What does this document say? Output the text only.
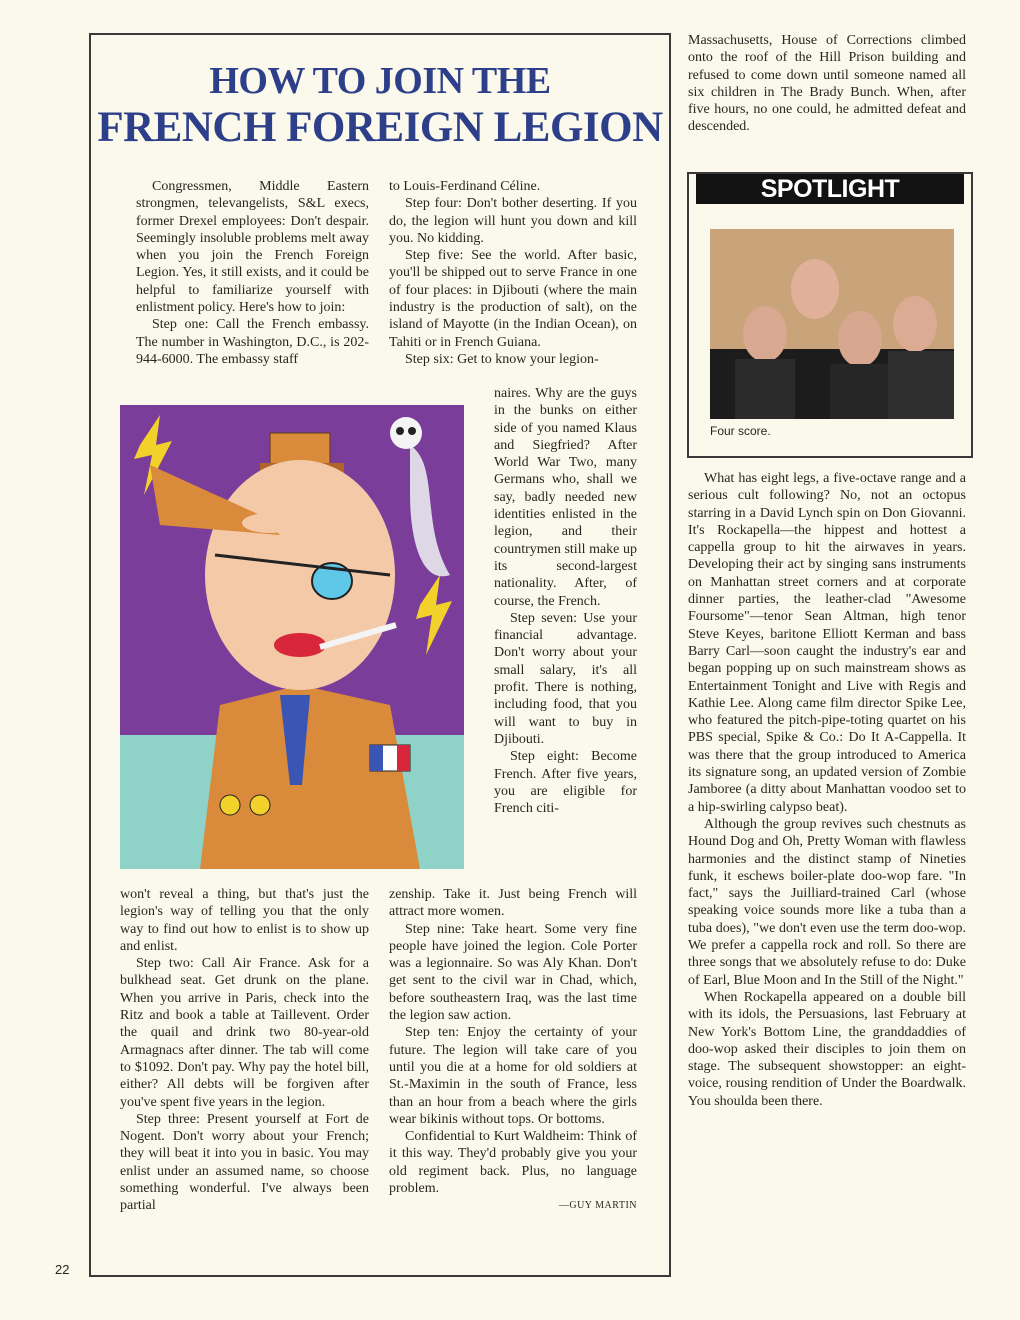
HOW TO JOIN THE
FRENCH FOREIGN LEGION

Congressmen, Middle Eastern strongmen, televangelists, S&L execs, former Drexel employees: Don't despair. Seemingly insoluble problems melt away when you join the French Foreign Legion. Yes, it still exists, and it could be helpful to familiarize yourself with enlistment policy. Here's how to join:

Step one: Call the French embassy. The number in Washington, D.C., is 202-944-6000. The embassy staff

to Louis-Ferdinand Céline.

Step four: Don't bother deserting. If you do, the legion will hunt you down and kill you. No kidding.

Step five: See the world. After basic, you'll be shipped out to serve France in one of four places: in Djibouti (where the main industry is the production of salt), on the island of Mayotte (in the Indian Ocean), on Tahiti or in French Guiana.

Step six: Get to know your legion-

naires. Why are the guys in the bunks on either side of you named Klaus and Siegfried? After World War Two, many Germans who, shall we say, badly needed new identities enlisted in the legion, and their countrymen still make up its second-largest nationality. After, of course, the French.

Step seven: Use your financial advantage. Don't worry about your small salary, it's all profit. There is nothing, including food, that you will want to buy in Djibouti.

Step eight: Become French. After five years, you are eligible for French citi-

won't reveal a thing, but that's just the legion's way of telling you that the only way to find out how to enlist is to show up and enlist.

Step two: Call Air France. Ask for a bulkhead seat. Get drunk on the plane. When you arrive in Paris, check into the Ritz and book a table at Taillevent. Order the quail and drink two 80-year-old Armagnacs after dinner. The tab will come to $1092. Don't pay. Why pay the hotel bill, either? All debts will be forgiven after you've spent five years in the legion.

Step three: Present yourself at Fort de Nogent. Don't worry about your French; they will beat it into you in basic. You may enlist under an assumed name, so choose something wonderful. I've always been partial

zenship. Take it. Just being French will attract more women.

Step nine: Take heart. Some very fine people have joined the legion. Cole Porter was a legionnaire. So was Aly Khan. Don't get sent to the civil war in Chad, which, before southeastern Iraq, was the last time the legion saw action.

Step ten: Enjoy the certainty of your future. The legion will take care of you until you die at a home for old soldiers at St.-Maximin in the south of France, less than an hour from a beach where the girls wear bikinis without tops. Or bottoms.

Confidential to Kurt Waldheim: Think of it this way. They'd probably give you your old regiment back. Plus, no language problem.

—GUY MARTIN

Massachusetts, House of Corrections climbed onto the roof of the Hill Prison building and refused to come down until someone named all six children in The Brady Bunch. When, after five hours, no one could, he admitted defeat and descended.

SPOTLIGHT
Four score.

What has eight legs, a five-octave range and a serious cult following? No, not an octopus starring in a David Lynch spin on Don Giovanni. It's Rockapella—the hippest and hottest a cappella group to hit the airwaves in years. Developing their act by singing sans instruments on Manhattan street corners and at corporate dinner parties, the leather-clad "Awesome Foursome"—tenor Sean Altman, high tenor Steve Keyes, baritone Elliott Kerman and bass Barry Carl—soon caught the industry's ear and began popping up on such mainstream shows as Entertainment Tonight and Live with Regis and Kathie Lee. Along came film director Spike Lee, who featured the pitch-pipe-toting quartet on his PBS special, Spike & Co.: Do It A-Cappella. It was there that the group introduced to America its signature song, an updated version of Zombie Jamboree (a ditty about Manhattan voodoo set to a hip-swirling calypso beat).

Although the group revives such chestnuts as Hound Dog and Oh, Pretty Woman with flawless harmonies and the distinct stamp of Nineties funk, it eschews boiler-plate doo-wop fare. "In fact," says the Juilliard-trained Carl (whose speaking voice sounds more like a tuba than a tuba does), "we don't even use the term doo-wop. We prefer a cappella rock and roll. So there are three songs that we absolutely refuse to do: Duke of Earl, Blue Moon and In the Still of the Night."

When Rockapella appeared on a double bill with its idols, the Persuasions, last February at New York's Bottom Line, the granddaddies of doo-wop asked their disciples to join them on stage. The subsequent showstopper: an eight-voice, rousing rendition of Under the Boardwalk. You shoulda been there.

22
